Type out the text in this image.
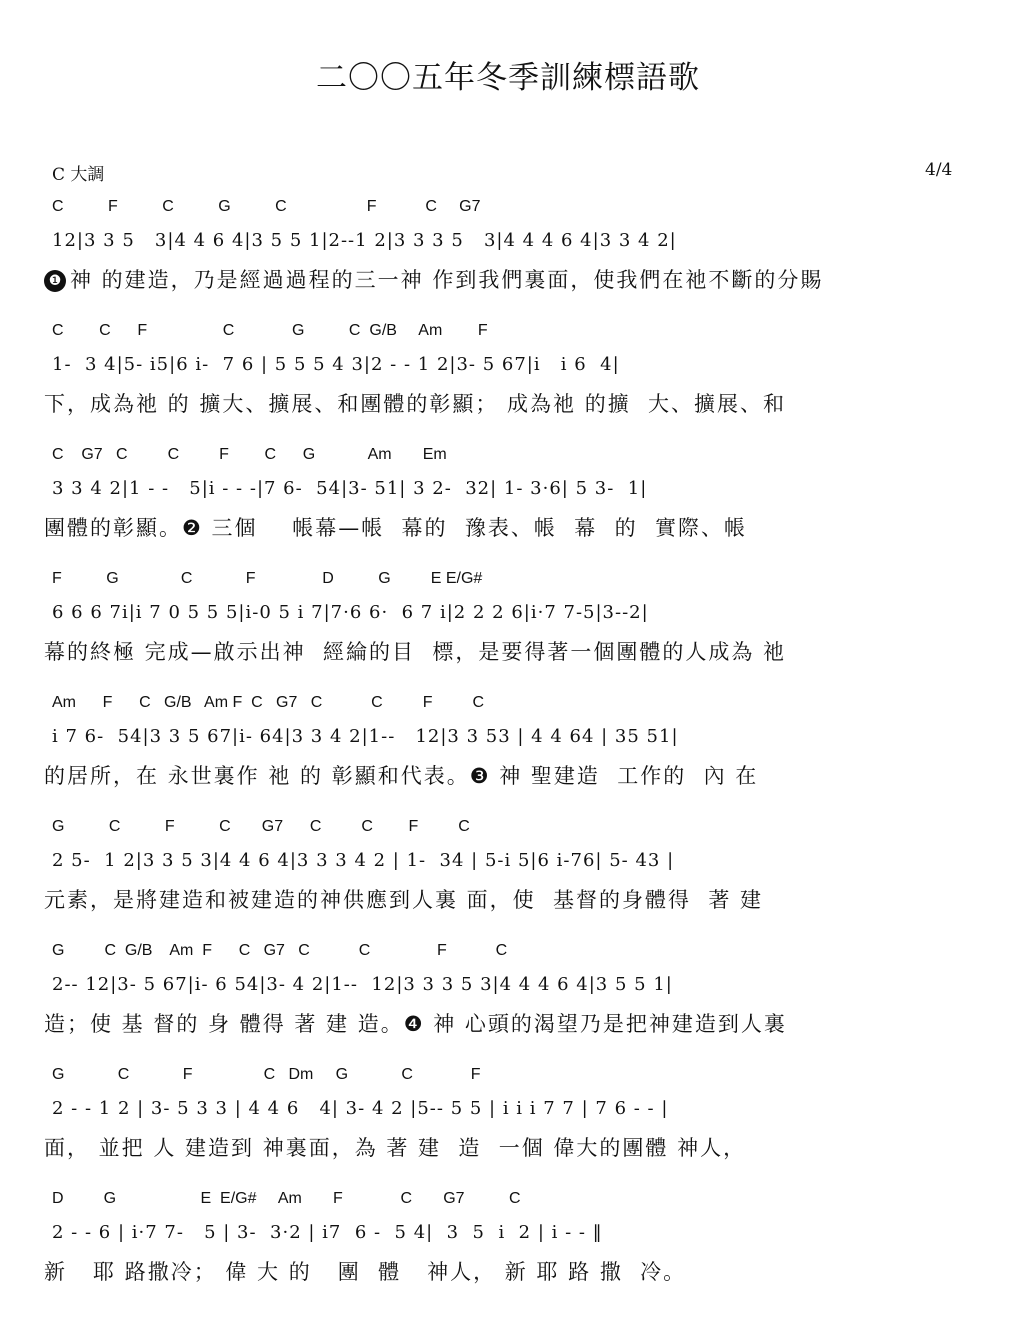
二〇〇五年冬季訓練標語歌
C 大調	4/4
C          F          C          G          C                  F           C     G7
12|3 3 5   3|4 4 6 4|3 5 5 1|2--1 2|3 3 3 5   3|4 4 4 6 4|3 3 4 2|
❶ 神 的建造，乃是經過過程的三一神 作到我們裏面，使我們在祂不斷的分賜
C        C      F                 C             G          C  G/B     Am        F
1-  3 4|5- i5|6 i-  7 6 | 5 5 5 4 3|2 - - 1 2|3- 5 67|i   i 6  4|
下，成為祂 的 擴大、擴展、和團體的彰顯； 成為祂 的擴  大、擴展、和
C    G7   C         C         F        C      G            Am       Em
3 3 4 2|1 - -   5|i - - -|7 6-  54|3- 51| 3 2-  32| 1- 3·6| 5 3-  1|
團體的彰顯。❷ 三個    帳幕—帳  幕的  豫表、帳  幕  的  實際、帳
F          G              C            F               D          G         E E/G#
6 6 6 7i|i 7 0 5 5 5|i-0 5 i 7|7·6 6·  6 7 i|2 2 2 6|i·7 7-5|3--2|
幕的終極 完成—啟示出神  經綸的目  標，是要得著一個團體的人成為 祂
Am      F      C   G/B   Am F  C   G7   C           C         F         C
i 7 6-  54|3 3 5 67|i- 64|3 3 4 2|1--   12|3 3 53 | 4 4 64 | 35 51|
的居所，在 永世裏作 祂 的 彰顯和代表。❸ 神 聖建造  工作的  內 在
G          C          F          C       G7      C         C        F         C
2 5-  1 2|3 3 5 3|4 4 6 4|3 3 3 4 2 | 1-  34 | 5-i 5|6 i-76| 5- 43 |
元素，是將建造和被建造的神供應到人裏 面，使  基督的身體得  著 建
G         C  G/B    Am  F      C   G7   C           C               F           C
2-- 12|3- 5 67|i- 6 54|3- 4 2|1--  12|3 3 3 5 3|4 4 4 6 4|3 5 5 1|
造；使 基 督的 身 體得 著 建 造。❹ 神 心頭的渴望乃是把神建造到人裏
G            C            F                C   Dm     G            C             F
2 - - 1 2 | 3- 5 3 3 | 4 4 6   4| 3- 4 2 |5-- 5 5 | i i i 7 7 | 7 6 - - |
面， 並把 人 建造到 神裏面，為 著 建  造  一個 偉大的團體 神人，
D         G                   E  E/G#     Am       F             C       G7          C
2 - - 6 | i·7 7-   5 | 3-  3·2 | i7  6 -  5 4|  3  5  i  2 | i - - ‖
新   耶 路撒冷； 偉 大 的   團  體   神人， 新 耶 路 撒  冷。
